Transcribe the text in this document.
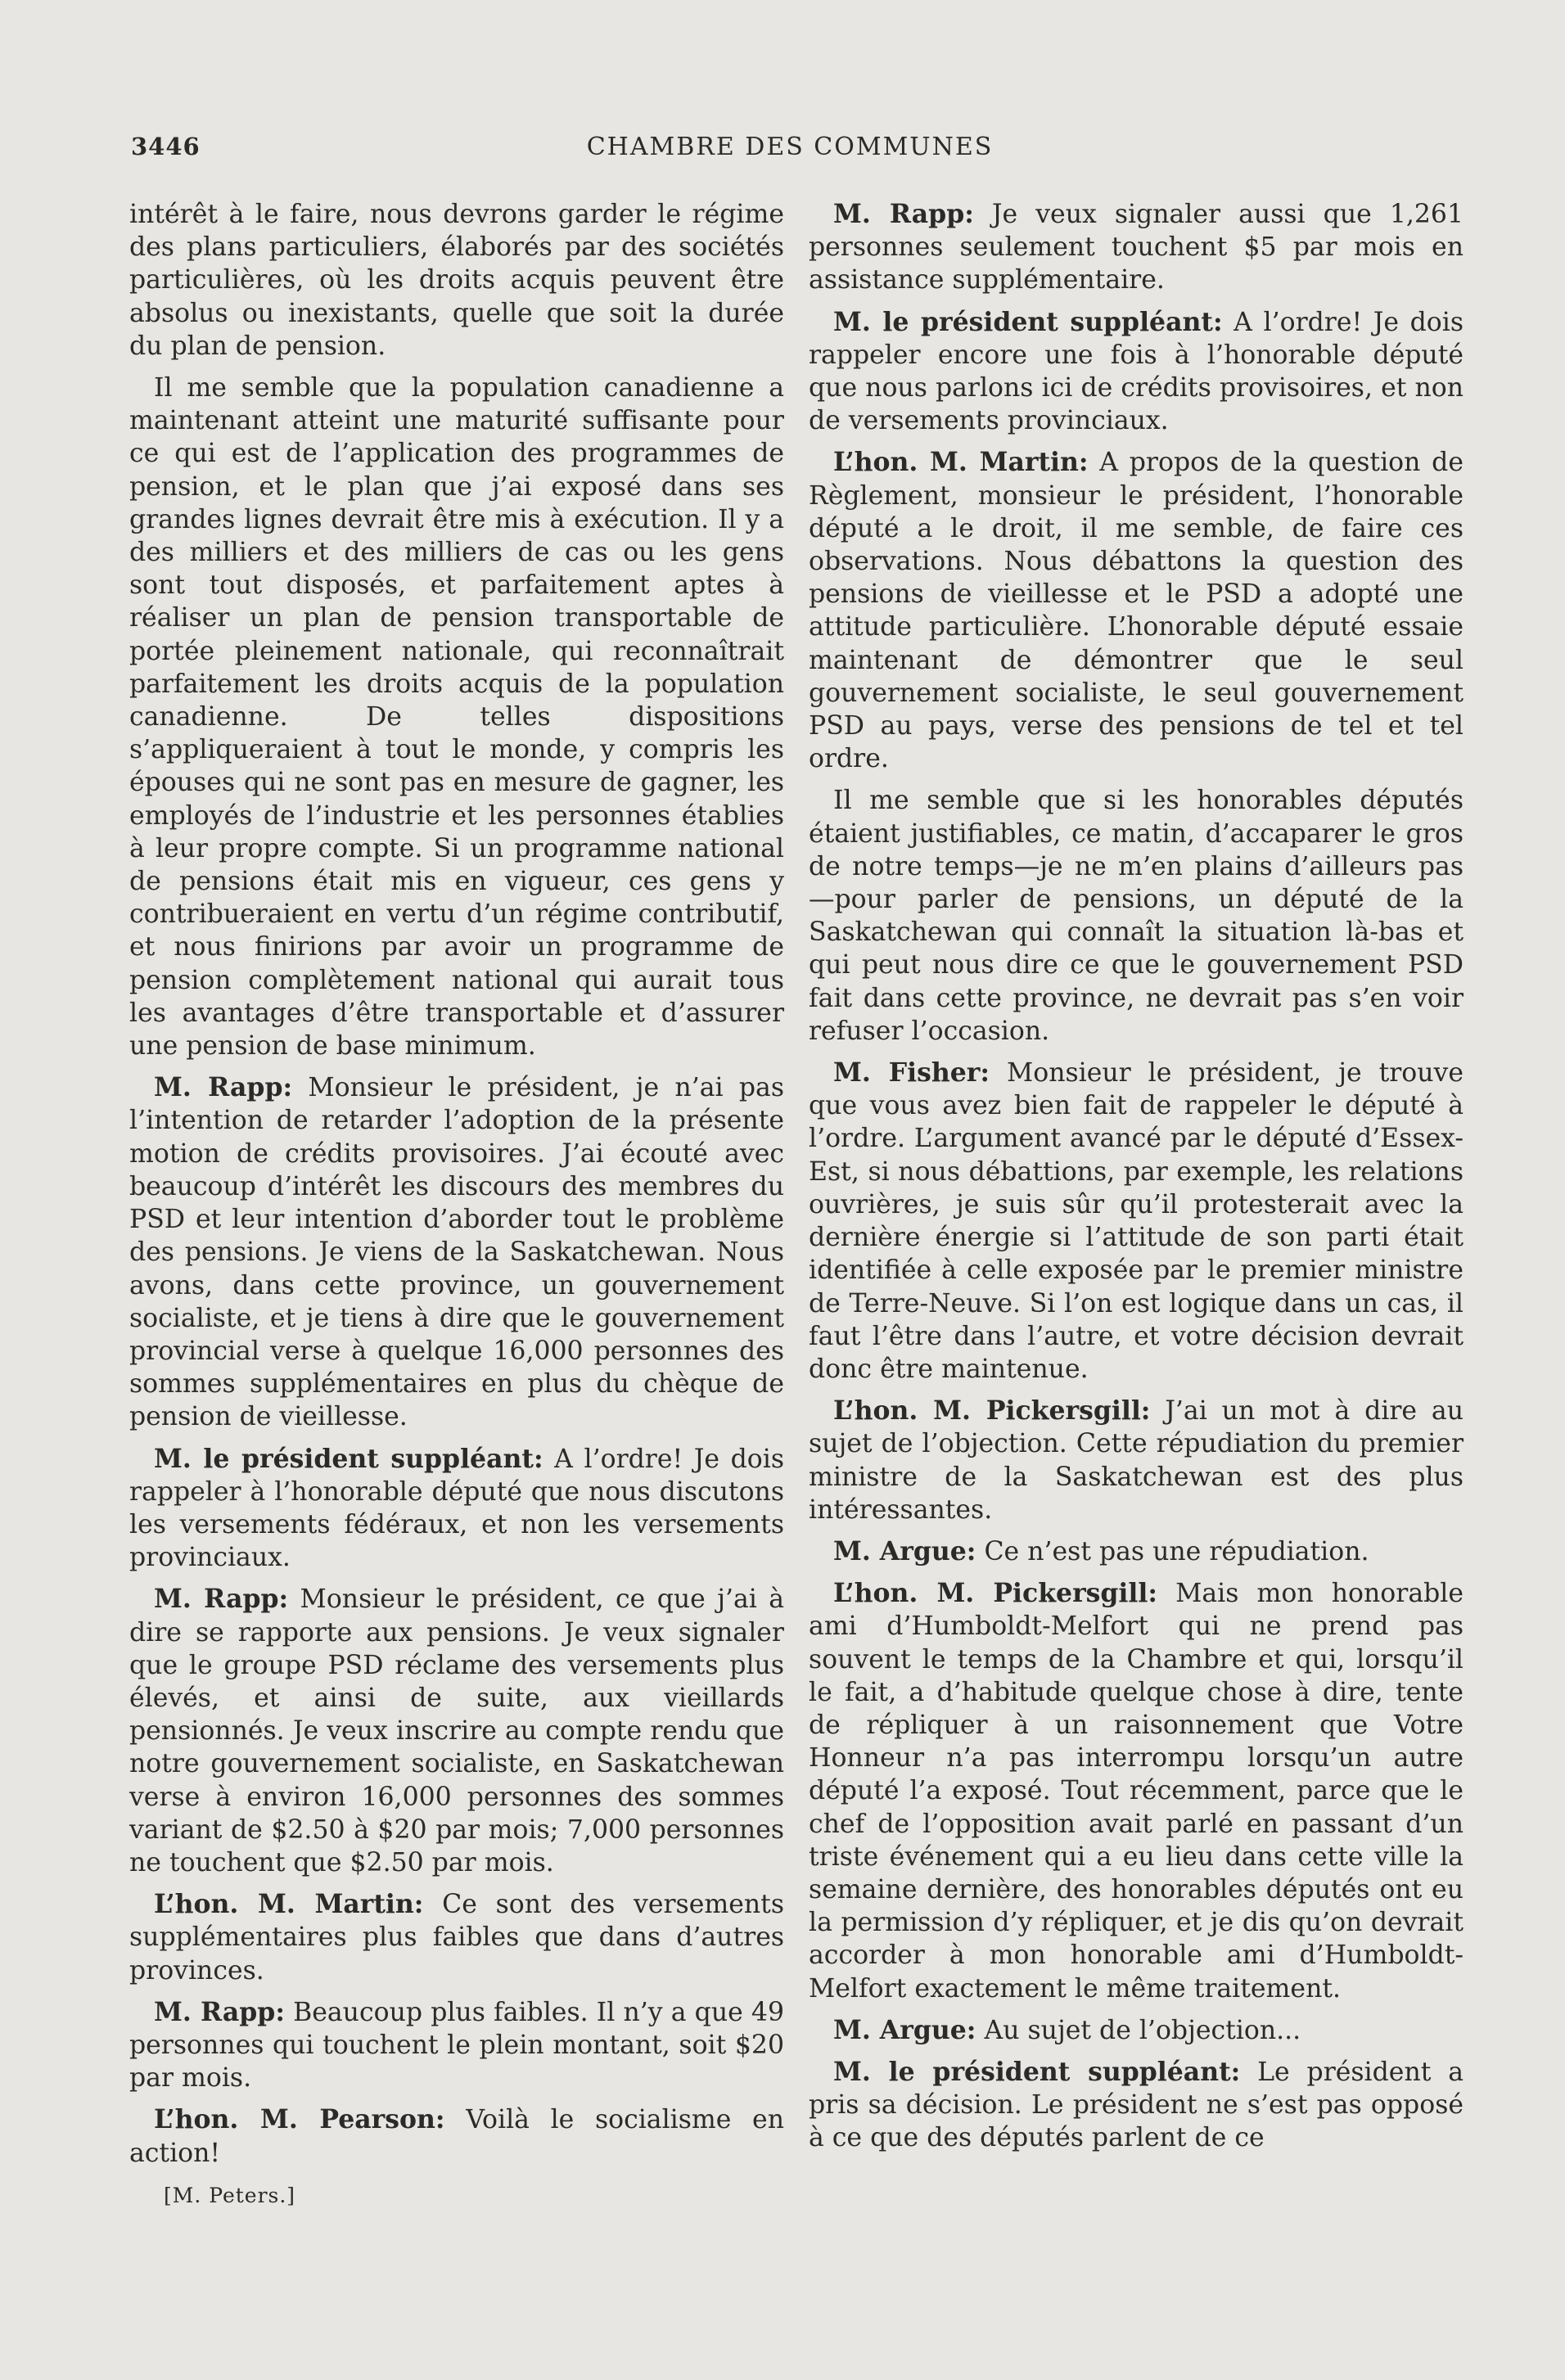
3446	CHAMBRE DES COMMUNES

intérêt à le faire, nous devrons garder le régime des plans particuliers, élaborés par des sociétés particulières, où les droits acquis peuvent être absolus ou inexistants, quelle que soit la durée du plan de pension.

Il me semble que la population canadienne a maintenant atteint une maturité suffisante pour ce qui est de l’application des programmes de pension, et le plan que j’ai exposé dans ses grandes lignes devrait être mis à exécution. Il y a des milliers et des milliers de cas ou les gens sont tout disposés, et parfaitement aptes à réaliser un plan de pension transportable de portée pleinement nationale, qui reconnaîtrait parfaitement les droits acquis de la population canadienne. De telles dispositions s’appliqueraient à tout le monde, y compris les épouses qui ne sont pas en mesure de gagner, les employés de l’industrie et les personnes établies à leur propre compte. Si un programme national de pensions était mis en vigueur, ces gens y contribueraient en vertu d’un régime contributif, et nous finirions par avoir un programme de pension complètement national qui aurait tous les avantages d’être transportable et d’assurer une pension de base minimum.

M. Rapp: Monsieur le président, je n’ai pas l’intention de retarder l’adoption de la présente motion de crédits provisoires. J’ai écouté avec beaucoup d’intérêt les discours des membres du PSD et leur intention d’aborder tout le problème des pensions. Je viens de la Saskatchewan. Nous avons, dans cette province, un gouvernement socialiste, et je tiens à dire que le gouvernement provincial verse à quelque 16,000 personnes des sommes supplémentaires en plus du chèque de pension de vieillesse.

M. le président suppléant: A l’ordre! Je dois rappeler à l’honorable député que nous discutons les versements fédéraux, et non les versements provinciaux.

M. Rapp: Monsieur le président, ce que j’ai à dire se rapporte aux pensions. Je veux signaler que le groupe PSD réclame des versements plus élevés, et ainsi de suite, aux vieillards pensionnés. Je veux inscrire au compte rendu que notre gouvernement socialiste, en Saskatchewan verse à environ 16,000 personnes des sommes variant de $2.50 à $20 par mois; 7,000 personnes ne touchent que $2.50 par mois.

L’hon. M. Martin: Ce sont des versements supplémentaires plus faibles que dans d’autres provinces.

M. Rapp: Beaucoup plus faibles. Il n’y a que 49 personnes qui touchent le plein montant, soit $20 par mois.

L’hon. M. Pearson: Voilà le socialisme en action!

M. Rapp: Je veux signaler aussi que 1,261 personnes seulement touchent $5 par mois en assistance supplémentaire.

M. le président suppléant: A l’ordre! Je dois rappeler encore une fois à l’honorable député que nous parlons ici de crédits provisoires, et non de versements provinciaux.

L’hon. M. Martin: A propos de la question de Règlement, monsieur le président, l’honorable député a le droit, il me semble, de faire ces observations. Nous débattons la question des pensions de vieillesse et le PSD a adopté une attitude particulière. L’honorable député essaie maintenant de démontrer que le seul gouvernement socialiste, le seul gouvernement PSD au pays, verse des pensions de tel et tel ordre.

Il me semble que si les honorables députés étaient justifiables, ce matin, d’accaparer le gros de notre temps—je ne m’en plains d’ailleurs pas—pour parler de pensions, un député de la Saskatchewan qui connaît la situation là-bas et qui peut nous dire ce que le gouvernement PSD fait dans cette province, ne devrait pas s’en voir refuser l’occasion.

M. Fisher: Monsieur le président, je trouve que vous avez bien fait de rappeler le député à l’ordre. L’argument avancé par le député d’Essex-Est, si nous débattions, par exemple, les relations ouvrières, je suis sûr qu’il protesterait avec la dernière énergie si l’attitude de son parti était identifiée à celle exposée par le premier ministre de Terre-Neuve. Si l’on est logique dans un cas, il faut l’être dans l’autre, et votre décision devrait donc être maintenue.

L’hon. M. Pickersgill: J’ai un mot à dire au sujet de l’objection. Cette répudiation du premier ministre de la Saskatchewan est des plus intéressantes.

M. Argue: Ce n’est pas une répudiation.

L’hon. M. Pickersgill: Mais mon honorable ami d’Humboldt-Melfort qui ne prend pas souvent le temps de la Chambre et qui, lorsqu’il le fait, a d’habitude quelque chose à dire, tente de répliquer à un raisonnement que Votre Honneur n’a pas interrompu lorsqu’un autre député l’a exposé. Tout récemment, parce que le chef de l’opposition avait parlé en passant d’un triste événement qui a eu lieu dans cette ville la semaine dernière, des honorables députés ont eu la permission d’y répliquer, et je dis qu’on devrait accorder à mon honorable ami d’Humboldt-Melfort exactement le même traitement.

M. Argue: Au sujet de l’objection...

M. le président suppléant: Le président a pris sa décision. Le président ne s’est pas opposé à ce que des députés parlent de ce

[M. Peters.]
